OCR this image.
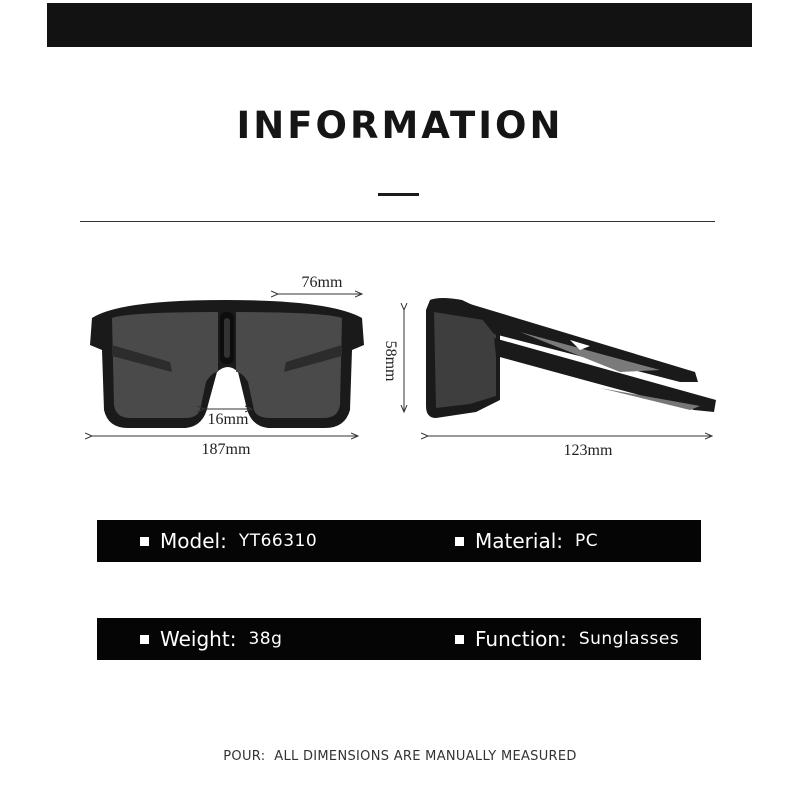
INFORMATION
76mm
16mm
187mm
58mm
123mm
Model : YT66310	Material : PC
Weight : 38g	Function : Sunglasses
POUR: ALL DIMENSIONS ARE MANUALLY MEASURED
